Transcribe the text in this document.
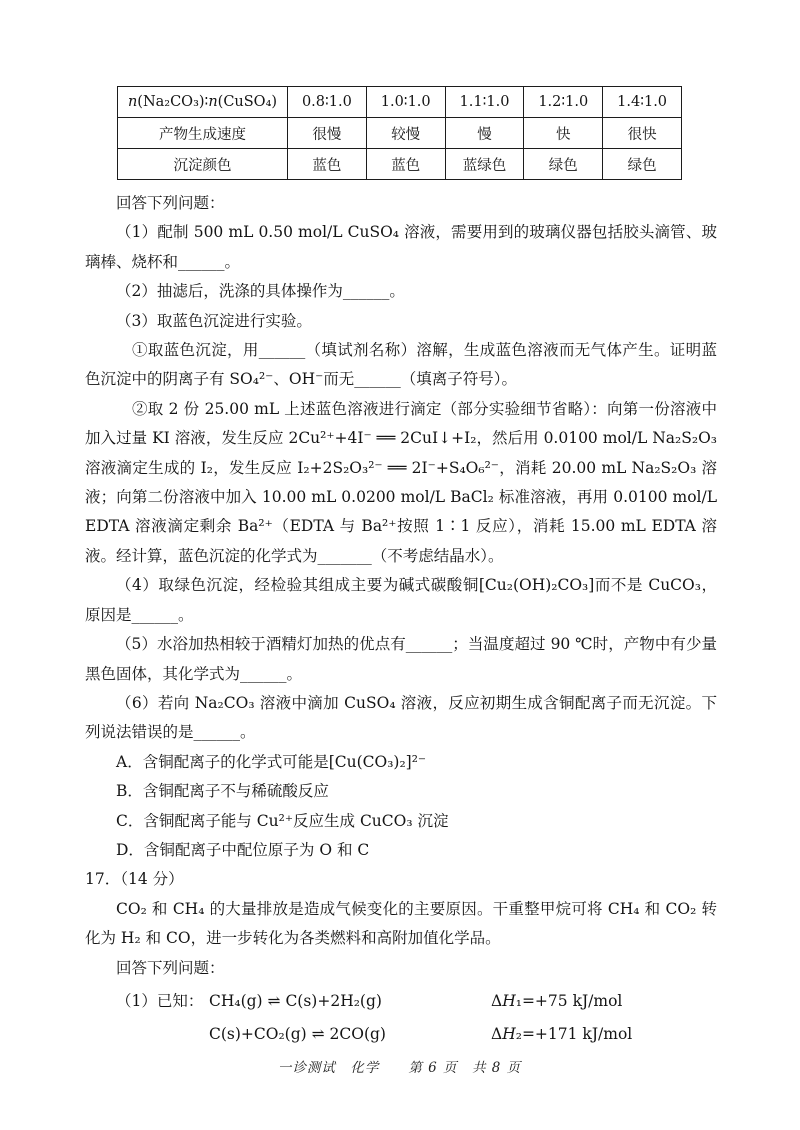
n(Na₂CO₃)∶n(CuSO₄)	0.8∶1.0	1.0∶1.0	1.1∶1.0	1.2∶1.0	1.4∶1.0
产物生成速度	很慢	较慢	慢	快	很快
沉淀颜色	蓝色	蓝色	蓝绿色	绿色	绿色

回答下列问题：

（1）配制 500 mL 0.50 mol/L CuSO₄ 溶液，需要用到的玻璃仪器包括胶头滴管、玻璃棒、烧杯和______。

（2）抽滤后，洗涤的具体操作为______。

（3）取蓝色沉淀进行实验。

①取蓝色沉淀，用______（填试剂名称）溶解，生成蓝色溶液而无气体产生。证明蓝色沉淀中的阴离子有 SO₄²⁻、OH⁻而无______（填离子符号）。

②取 2 份 25.00 mL 上述蓝色溶液进行滴定（部分实验细节省略）：向第一份溶液中加入过量 KI 溶液，发生反应 2Cu²⁺+4I⁻ ══ 2CuI↓+I₂，然后用 0.0100 mol/L Na₂S₂O₃ 溶液滴定生成的 I₂，发生反应 I₂+2S₂O₃²⁻ ══ 2I⁻+S₄O₆²⁻，消耗 20.00 mL Na₂S₂O₃ 溶液；向第二份溶液中加入 10.00 mL 0.0200 mol/L BaCl₂ 标准溶液，再用 0.0100 mol/L EDTA 溶液滴定剩余 Ba²⁺（EDTA 与 Ba²⁺按照 1∶1 反应），消耗 15.00 mL EDTA 溶液。经计算，蓝色沉淀的化学式为_______（不考虑结晶水）。

（4）取绿色沉淀，经检验其组成主要为碱式碳酸铜[Cu₂(OH)₂CO₃]而不是 CuCO₃，原因是______。

（5）水浴加热相较于酒精灯加热的优点有______；当温度超过 90 ℃时，产物中有少量黑色固体，其化学式为______。

（6）若向 Na₂CO₃ 溶液中滴加 CuSO₄ 溶液，反应初期生成含铜配离子而无沉淀。下列说法错误的是______。

A．含铜配离子的化学式可能是[Cu(CO₃)₂]²⁻

B．含铜配离子不与稀硫酸反应

C．含铜配离子能与 Cu²⁺反应生成 CuCO₃ 沉淀

D．含铜配离子中配位原子为 O 和 C

17．（14 分）

CO₂ 和 CH₄ 的大量排放是造成气候变化的主要原因。干重整甲烷可将 CH₄ 和 CO₂ 转化为 H₂ 和 CO，进一步转化为各类燃料和高附加值化学品。

回答下列问题：

（1）已知： CH₄(g) ⇌ C(s)+2H₂(g)	ΔH₁=+75 kJ/mol
C(s)+CO₂(g) ⇌ 2CO(g)	ΔH₂=+171 kJ/mol
一诊测试　化学　　第 6 页　共 8 页
